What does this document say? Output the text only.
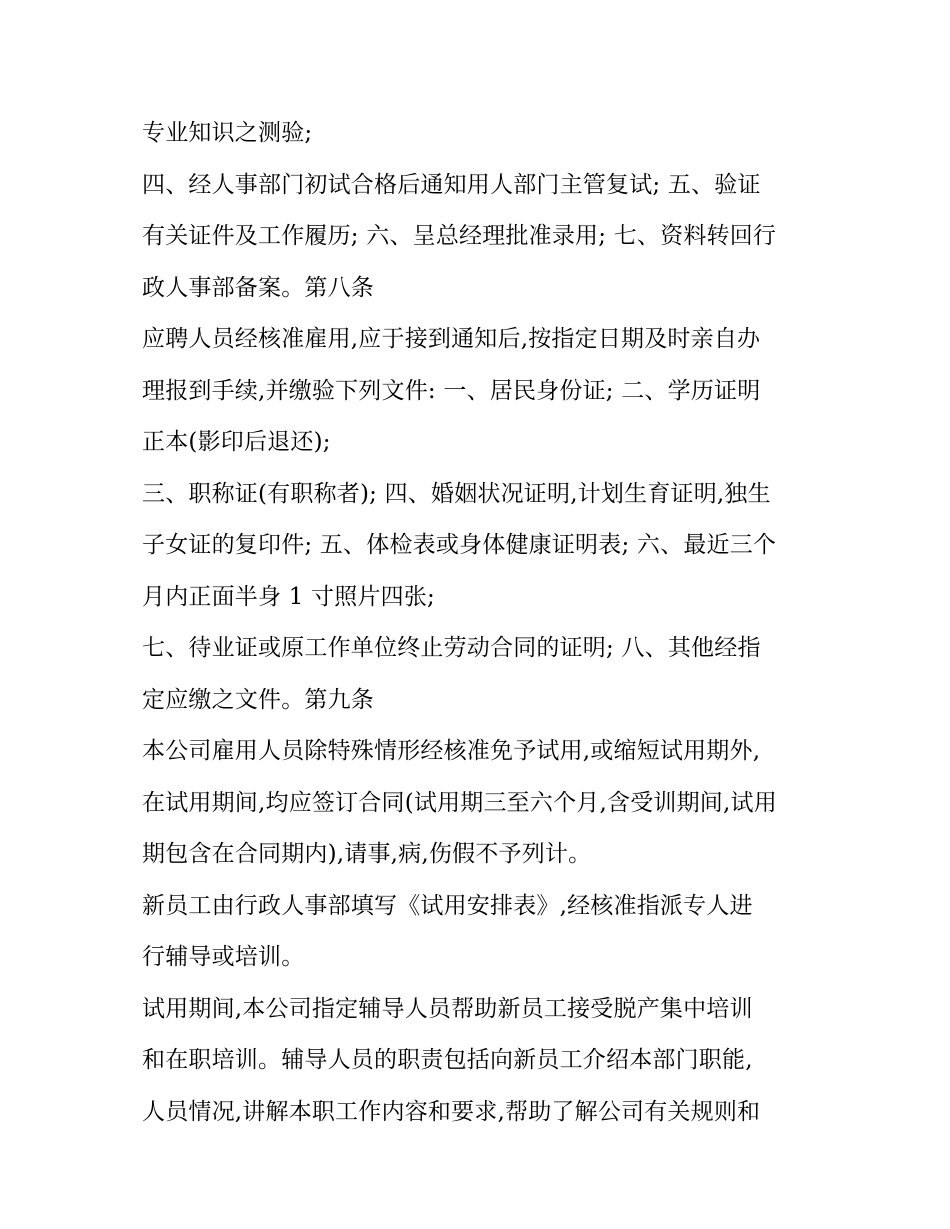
专业知识之测验;
四、经人事部门初试合格后通知用人部门主管复试; 五、验证
有关证件及工作履历; 六、呈总经理批准录用; 七、资料转回行
政人事部备案。第八条
应聘人员经核准雇用,应于接到通知后,按指定日期及时亲自办
理报到手续,并缴验下列文件: 一、居民身份证; 二、学历证明
正本(影印后退还);
三、职称证(有职称者); 四、婚姻状况证明,计划生育证明,独生
子女证的复印件; 五、体检表或身体健康证明表; 六、最近三个
月内正面半身 1 寸照片四张;
七、待业证或原工作单位终止劳动合同的证明; 八、其他经指
定应缴之文件。第九条
本公司雇用人员除特殊情形经核准免予试用,或缩短试用期外,
在试用期间,均应签订合同(试用期三至六个月,含受训期间,试用
期包含在合同期内),请事,病,伤假不予列计。
新员工由行政人事部填写《试用安排表》,经核准指派专人进
行辅导或培训。
试用期间,本公司指定辅导人员帮助新员工接受脱产集中培训
和在职培训。辅导人员的职责包括向新员工介绍本部门职能,
人员情况,讲解本职工作内容和要求,帮助了解公司有关规则和
